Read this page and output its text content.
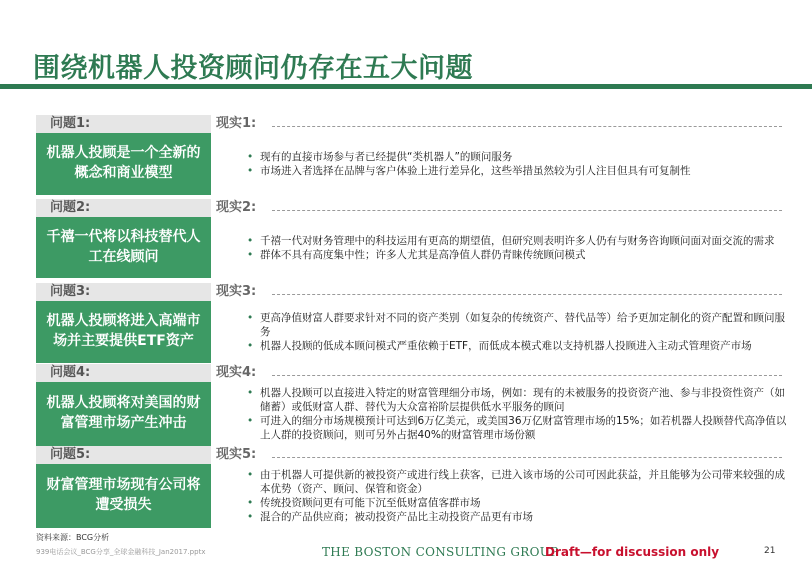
围绕机器人投资顾问仍存在五大问题
问题1:	现实1:
机器人投顾是一个全新的概念和商业模型
• 现有的直接市场参与者已经提供“类机器人”的顾问服务
• 市场进入者选择在品牌与客户体验上进行差异化，这些举措虽然较为引人注目但具有可复制性
问题2:	现实2:
千禧一代将以科技替代人工在线顾问
• 千禧一代对财务管理中的科技运用有更高的期望值，但研究则表明许多人仍有与财务咨询顾问面对面交流的需求
• 群体不具有高度集中性；许多人尤其是高净值人群仍青睐传统顾问模式
问题3:	现实3:
机器人投顾将进入高端市场并主要提供ETF资产
• 更高净值财富人群要求针对不同的资产类别（如复杂的传统资产、替代品等）给予更加定制化的资产配置和顾问服务
• 机器人投顾的低成本顾问模式严重依赖于ETF，而低成本模式难以支持机器人投顾进入主动式管理资产市场
问题4:	现实4:
机器人投顾将对美国的财富管理市场产生冲击
• 机器人投顾可以直接进入特定的财富管理细分市场，例如：现有的未被服务的投资资产池、参与非投资性资产（如储蓄）或低财富人群、替代为大众富裕阶层提供低水平服务的顾问
• 可进入的细分市场规模预计可达到6万亿美元，或美国36万亿财富管理市场的15%；如若机器人投顾替代高净值以上人群的投资顾问，则可另外占据40%的财富管理市场份额
问题5:	现实5:
财富管理市场现有公司将遭受损失
• 由于机器人可提供新的被投资产或进行线上获客，已进入该市场的公司可因此获益，并且能够为公司带来较强的成本优势（资产、顾问、保管和资金）
• 传统投资顾问更有可能下沉至低财富值客群市场
• 混合的产品供应商；被动投资产品比主动投资产品更有市场
资料来源：BCG分析
939电话会议_BCG分享_全球金融科技_Jan2017.pptx	THE BOSTON CONSULTING GROUP
Draft—for discussion only	21
